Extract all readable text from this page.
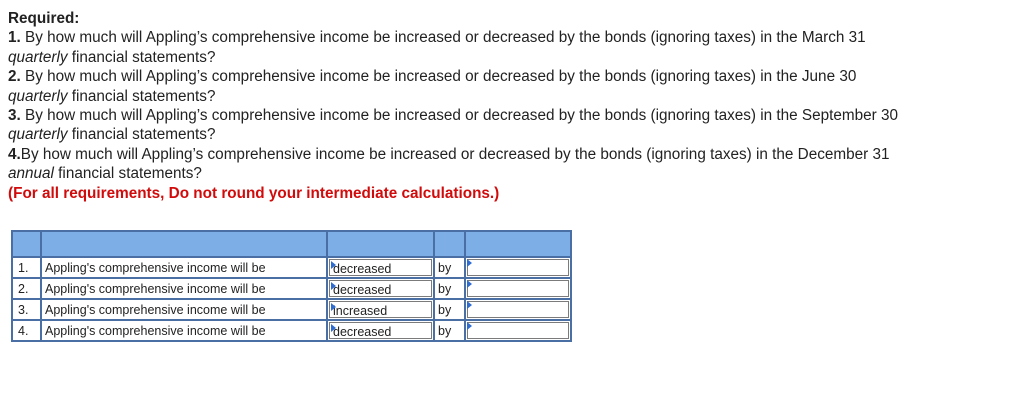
Required:
1. By how much will Appling’s comprehensive income be increased or decreased by the bonds (ignoring taxes) in the March 31
quarterly financial statements?
2. By how much will Appling’s comprehensive income be increased or decreased by the bonds (ignoring taxes) in the June 30
quarterly financial statements?
3. By how much will Appling’s comprehensive income be increased or decreased by the bonds (ignoring taxes) in the September 30
quarterly financial statements?
4.By how much will Appling’s comprehensive income be increased or decreased by the bonds (ignoring taxes) in the December 31
annual financial statements?
(For all requirements, Do not round your intermediate calculations.)

1.	Appling's comprehensive income will be	decreased	by	

2.	Appling's comprehensive income will be	decreased	by	

3.	Appling's comprehensive income will be	increased	by	

4.	Appling's comprehensive income will be	decreased	by	
